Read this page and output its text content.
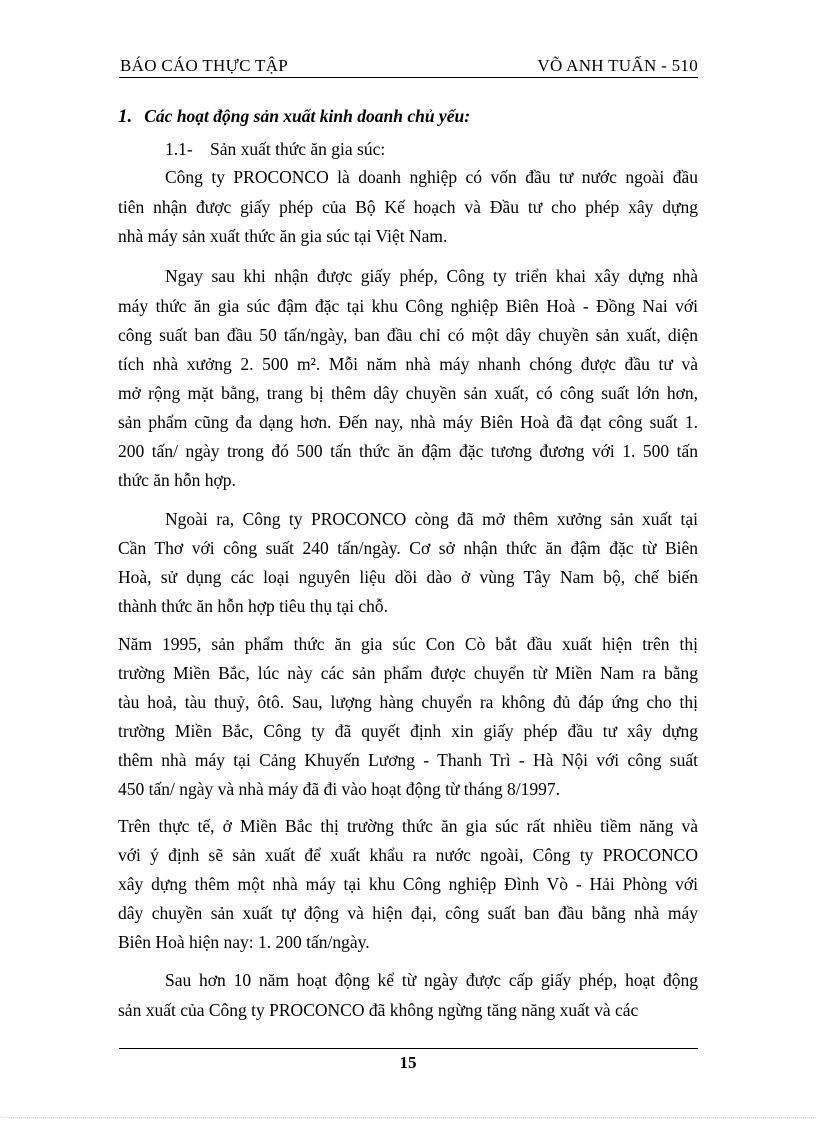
BÁO CÁO THỰC TẬP	VÕ ANH TUẤN - 510
1. Các hoạt động sản xuất kinh doanh chủ yếu:
1.1- Sản xuất thức ăn gia súc:
Công ty PROCONCO là doanh nghiệp có vốn đầu tư nước ngoài đầu
tiên nhận được giấy phép của Bộ Kế hoạch và Đầu tư cho phép xây dựng
nhà máy sản xuất thức ăn gia súc tại Việt Nam.
Ngay sau khi nhận được giấy phép, Công ty triển khai xây dựng nhà
máy thức ăn gia súc đậm đặc tại khu Công nghiệp Biên Hoà - Đồng Nai với
công suất ban đầu 50 tấn/ngày, ban đầu chỉ có một dây chuyền sản xuất, diện
tích nhà xưởng 2. 500 m². Mỗi năm nhà máy nhanh chóng được đầu tư và
mở rộng mặt bằng, trang bị thêm dây chuyền sản xuất, có công suất lớn hơn,
sản phẩm cũng đa dạng hơn. Đến nay, nhà máy Biên Hoà đã đạt công suất 1.
200 tấn/ ngày trong đó 500 tấn thức ăn đậm đặc tương đương với 1. 500 tấn
thức ăn hỗn hợp.
Ngoài ra, Công ty PROCONCO còng đã mở thêm xưởng sản xuất tại
Cần Thơ với công suất 240 tấn/ngày. Cơ sở nhận thức ăn đậm đặc từ Biên
Hoà, sử dụng các loại nguyên liệu dồi dào ở vùng Tây Nam bộ, chế biến
thành thức ăn hỗn hợp tiêu thụ tại chỗ.
Năm 1995, sản phẩm thức ăn gia súc Con Cò bắt đầu xuất hiện trên thị
trường Miền Bắc, lúc này các sản phẩm được chuyển từ Miền Nam ra bằng
tàu hoả, tàu thuỷ, ôtô. Sau, lượng hàng chuyển ra không đủ đáp ứng cho thị
trường Miền Bắc, Công ty đã quyết định xin giấy phép đầu tư xây dựng
thêm nhà máy tại Cảng Khuyến Lương - Thanh Trì - Hà Nội với công suất
450 tấn/ ngày và nhà máy đã đi vào hoạt động từ tháng 8/1997.
Trên thực tế, ở Miền Bắc thị trường thức ăn gia súc rất nhiều tiềm năng và
với ý định sẽ sản xuất để xuất khẩu ra nước ngoài, Công ty PROCONCO
xây dựng thêm một nhà máy tại khu Công nghiệp Đình Vò - Hải Phòng với
dây chuyền sản xuất tự động và hiện đại, công suất ban đầu bằng nhà máy
Biên Hoà hiện nay: 1. 200 tấn/ngày.
Sau hơn 10 năm hoạt động kể từ ngày được cấp giấy phép, hoạt động
sản xuất của Công ty PROCONCO đã không ngừng tăng năng xuất và các
15
